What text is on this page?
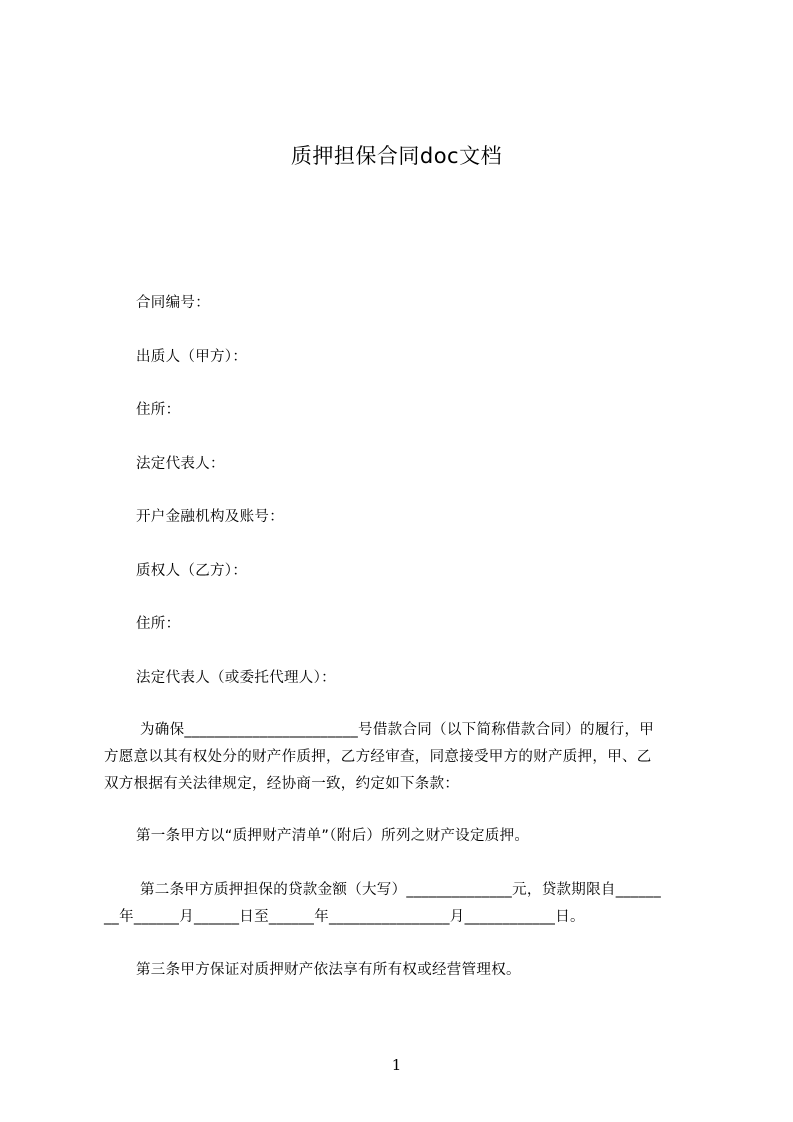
质押担保合同doc文档
合同编号：
出质人（甲方）：
住所：
法定代表人：
开户金融机构及账号：
质权人（乙方）：
住所：
法定代表人（或委托代理人）：
为确保_______________________号借款合同（以下简称借款合同）的履行，甲
方愿意以其有权处分的财产作质押，乙方经审查，同意接受甲方的财产质押，甲、乙
双方根据有关法律规定，经协商一致，约定如下条款：
第一条甲方以“质押财产清单”（附后）所列之财产设定质押。
第二条甲方质押担保的贷款金额（大写）______________元，贷款期限自______
__年______月______日至______年________________月____________日。
第三条甲方保证对质押财产依法享有所有权或经营管理权。
1
